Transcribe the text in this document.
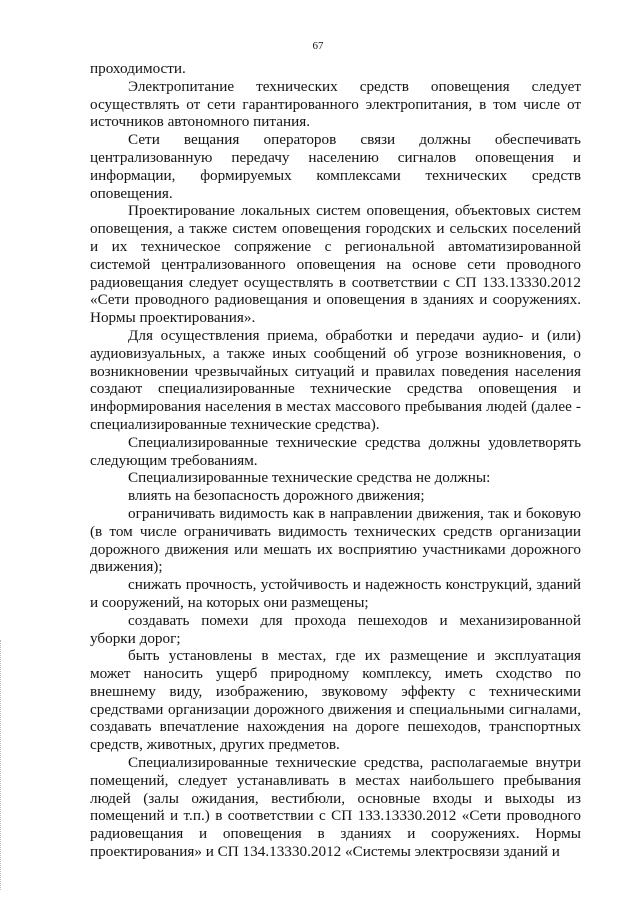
67

проходимости.

Электропитание технических средств оповещения следует осуществлять от сети гарантированного электропитания, в том числе от источников автономного питания.

Сети вещания операторов связи должны обеспечивать централизованную передачу населению сигналов оповещения и информации, формируемых комплексами технических средств оповещения.

Проектирование локальных систем оповещения, объектовых систем оповещения, а также систем оповещения городских и сельских поселений и их техническое сопряжение с региональной автоматизированной системой централизованного оповещения на основе сети проводного радиовещания следует осуществлять в соответствии с СП 133.13330.2012 «Сети проводного радиовещания и оповещения в зданиях и сооружениях. Нормы проектирования».

Для осуществления приема, обработки и передачи аудио- и (или) аудиовизуальных, а также иных сообщений об угрозе возникновения, о возникновении чрезвычайных ситуаций и правилах поведения населения создают специализированные технические средства оповещения и информирования населения в местах массового пребывания людей (далее - специализированные технические средства).

Специализированные технические средства должны удовлетворять следующим требованиям.

Специализированные технические средства не должны:

влиять на безопасность дорожного движения;

ограничивать видимость как в направлении движения, так и боковую (в том числе ограничивать видимость технических средств организации дорожного движения или мешать их восприятию участниками дорожного движения);

снижать прочность, устойчивость и надежность конструкций, зданий и сооружений, на которых они размещены;

создавать помехи для прохода пешеходов и механизированной уборки дорог;

быть установлены в местах, где их размещение и эксплуатация может наносить ущерб природному комплексу, иметь сходство по внешнему виду, изображению, звуковому эффекту с техническими средствами организации дорожного движения и специальными сигналами, создавать впечатление нахождения на дороге пешеходов, транспортных средств, животных, других предметов.

Специализированные технические средства, располагаемые внутри помещений, следует устанавливать в местах наибольшего пребывания людей (залы ожидания, вестибюли, основные входы и выходы из помещений и т.п.) в соответствии с СП 133.13330.2012 «Сети проводного радиовещания и оповещения в зданиях и сооружениях. Нормы проектирования» и СП 134.13330.2012 «Системы электросвязи зданий и
